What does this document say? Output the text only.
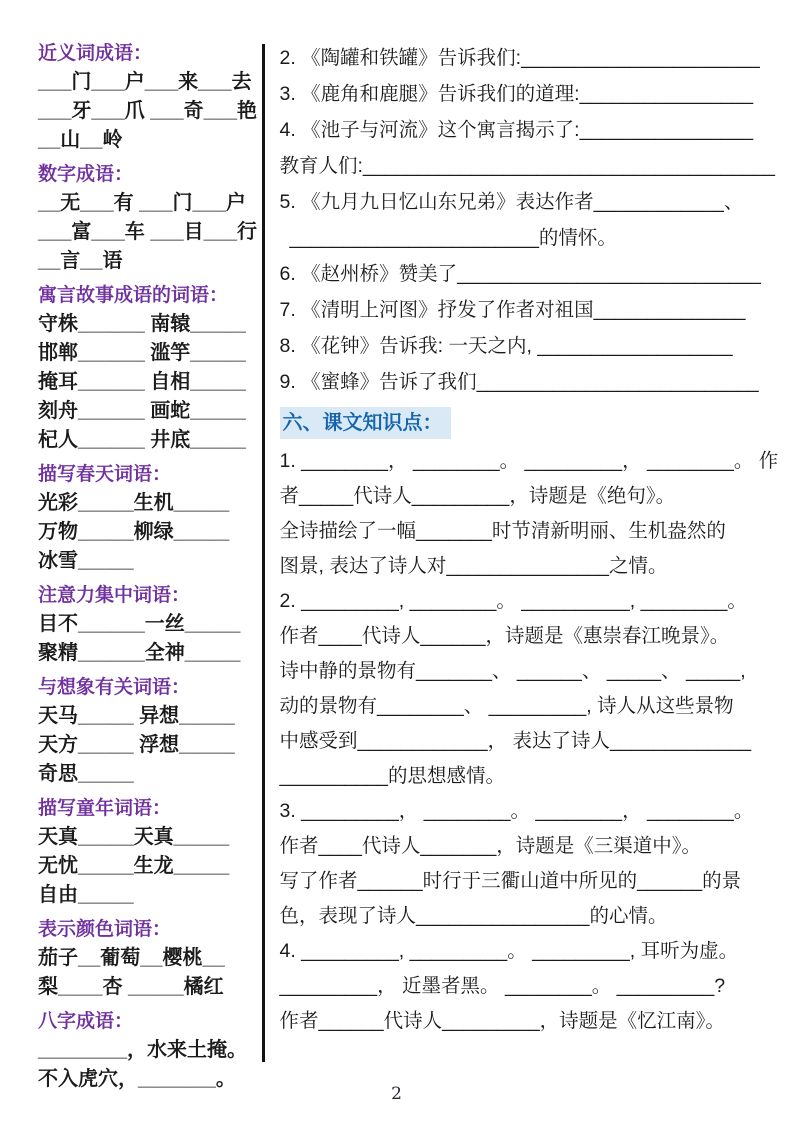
近义词成语：
___门___户___来___去
___牙___爪 ___奇___艳
__山__岭
数字成语：
__无___有 ___门___户
___富___车 ___目___行
__言__语
寓言故事成语的词语：
守株______ 南辕_____
邯郸______ 滥竽_____
掩耳______ 自相_____
刻舟______ 画蛇_____
杞人______ 井底_____
描写春天词语：
光彩_____生机_____
万物_____柳绿_____
冰雪_____
注意力集中词语：
目不______一丝_____
聚精______全神_____
与想象有关词语：
天马_____ 异想_____
天方_____ 浮想_____
奇思_____
描写童年词语：
天真_____天真_____
无忧_____生龙_____
自由_____
表示颜色词语：
茄子__葡萄__樱桃__
梨____杏 _____橘红
八字成语：
________，水来土掩。
不入虎穴，_______。
2. 《陶罐和铁罐》告诉我们:______________________
3. 《鹿角和鹿腿》告诉我们的道理:________________
4. 《池子与河流》这个寓言揭示了:________________
教育人们:______________________________________
5. 《九月九日忆山东兄弟》表达作者____________、
_______________________的情怀。
6. 《赵州桥》赞美了____________________________
7. 《清明上河图》抒发了作者对祖国______________
8. 《花钟》告诉我: 一天之内, __________________
9. 《蜜蜂》告诉了我们__________________________
六、课文知识点：
1. ________， ________。 _________， ________。 作
者_____代诗人_________，诗题是《绝句》。
全诗描绘了一幅_______时节清新明丽、生机盎然的
图景, 表达了诗人对_______________之情。
2. _________, ________。 __________, ________。
作者____代诗人______，诗题是《惠崇春江晚景》。
诗中静的景物有_______、 ______、 _____、 _____,
动的景物有________、 _________, 诗人从这些景物
中感受到____________， 表达了诗人_____________
__________的思想感情。
3. _________， ________。 ________， ________。
作者____代诗人_______，诗题是《三渠道中》。
写了作者______时行于三衢山道中所见的______的景
色，表现了诗人________________的心情。
4. _________, _________。 _________, 耳听为虚。
_________， 近墨者黑。 ________。 _________?
作者______代诗人_________，诗题是《忆江南》。
2
